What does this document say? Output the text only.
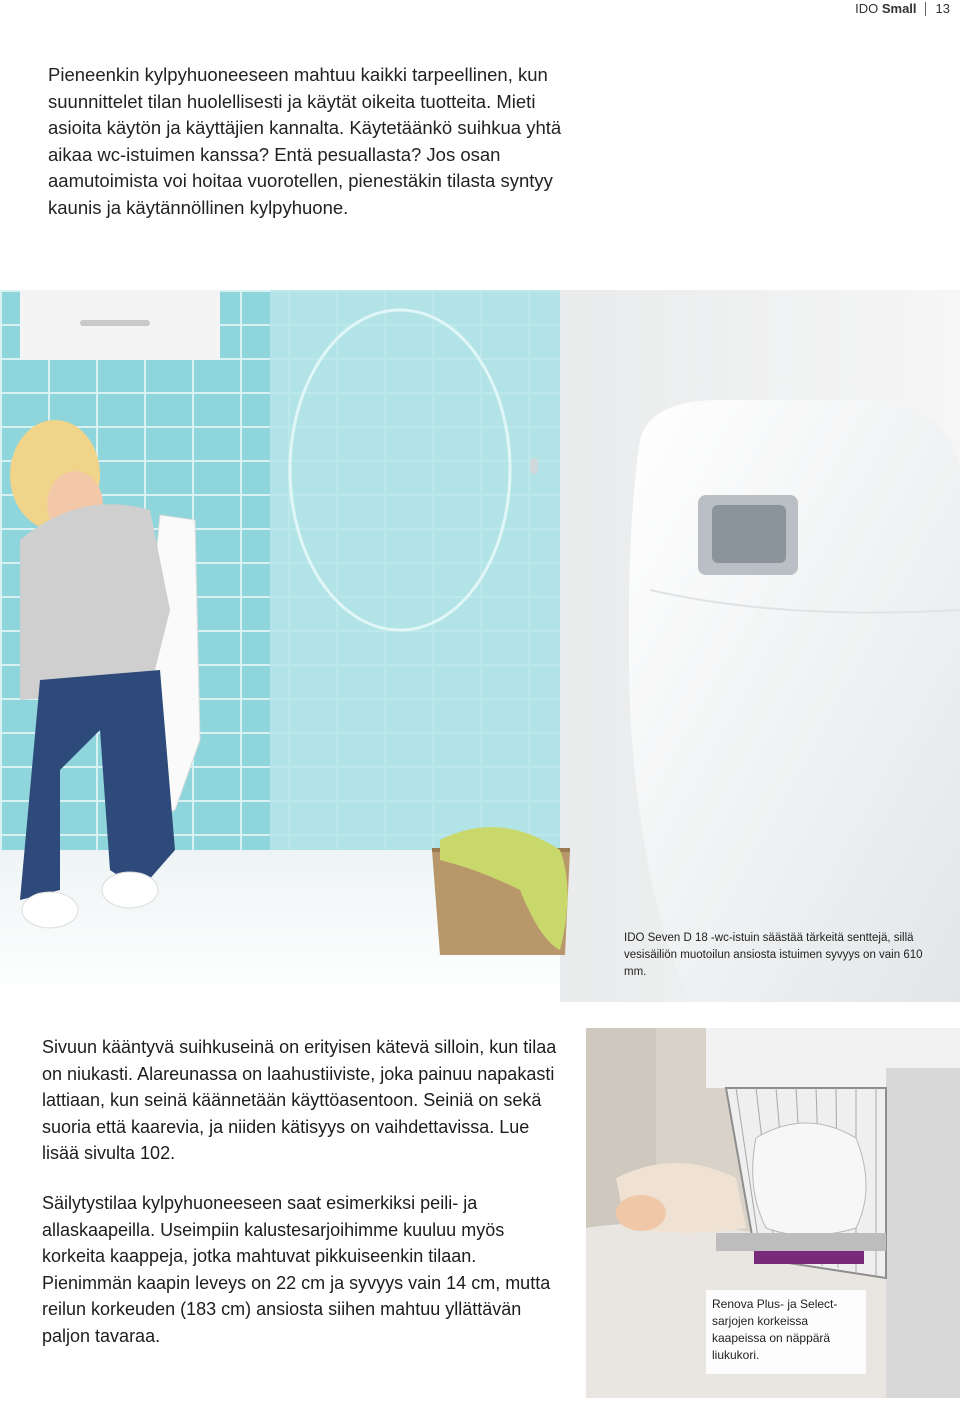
IDO Small 13

Pieneenkin kylpyhuoneeseen mahtuu kaikki tarpeellinen, kun suunnittelet tilan huolellisesti ja käytät oikeita tuotteita. Mieti asioita käytön ja käyttäjien kannalta. Käytetäänkö suihkua yhtä aikaa wc-istuimen kanssa? Entä pesuallasta? Jos osan aamutoimista voi hoitaa vuorotellen, pienestäkin tilasta syntyy kaunis ja käytännöllinen kylpyhuone.

IDO Seven D 18 -wc-istuin säästää tärkeitä senttejä, sillä vesisäiliön muotoilun ansiosta istuimen syvyys on vain 610 mm.

Sivuun kääntyvä suihkuseinä on erityisen kätevä silloin, kun tilaa on niukasti. Alareunassa on laahustiiviste, joka painuu napakasti lattiaan, kun seinä käännetään käyttöasentoon. Seiniä on sekä suoria että kaarevia, ja niiden kätisyys on vaihdettavissa. Lue lisää sivulta 102.

Säilytystilaa kylpyhuoneeseen saat esimerkiksi peili- ja allaskaapeilla. Useimpiin kalustesarjoihimme kuuluu myös korkeita kaappeja, jotka mahtuvat pikkuiseenkin tilaan. Pienimmän kaapin leveys on 22 cm ja syvyys vain 14 cm, mutta reilun korkeuden (183 cm) ansiosta siihen mahtuu yllättävän paljon tavaraa.

Renova Plus- ja Select-sarjojen korkeissa kaapeissa on näppärä liukukori.
